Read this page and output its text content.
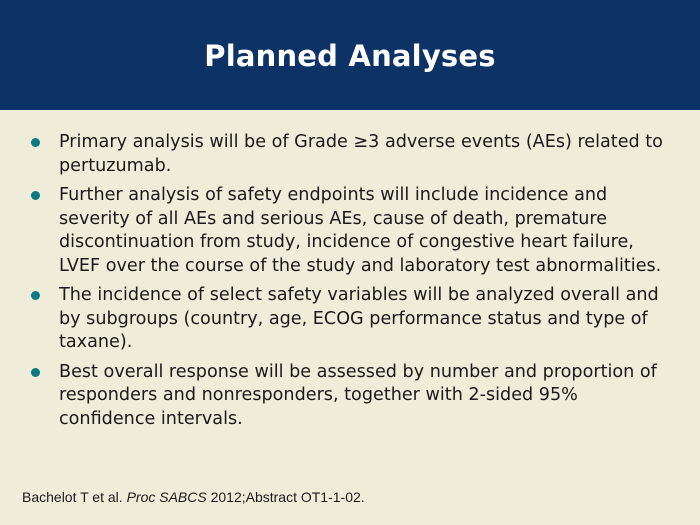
Planned Analyses
Primary analysis will be of Grade ≥3 adverse events (AEs) related to pertuzumab.
Further analysis of safety endpoints will include incidence and severity of all AEs and serious AEs, cause of death, premature discontinuation from study, incidence of congestive heart failure, LVEF over the course of the study and laboratory test abnormalities.
The incidence of select safety variables will be analyzed overall and by subgroups (country, age, ECOG performance status and type of taxane).
Best overall response will be assessed by number and proportion of responders and nonresponders, together with 2-sided 95% confidence intervals.
Bachelot T et al. Proc SABCS 2012;Abstract OT1-1-02.
